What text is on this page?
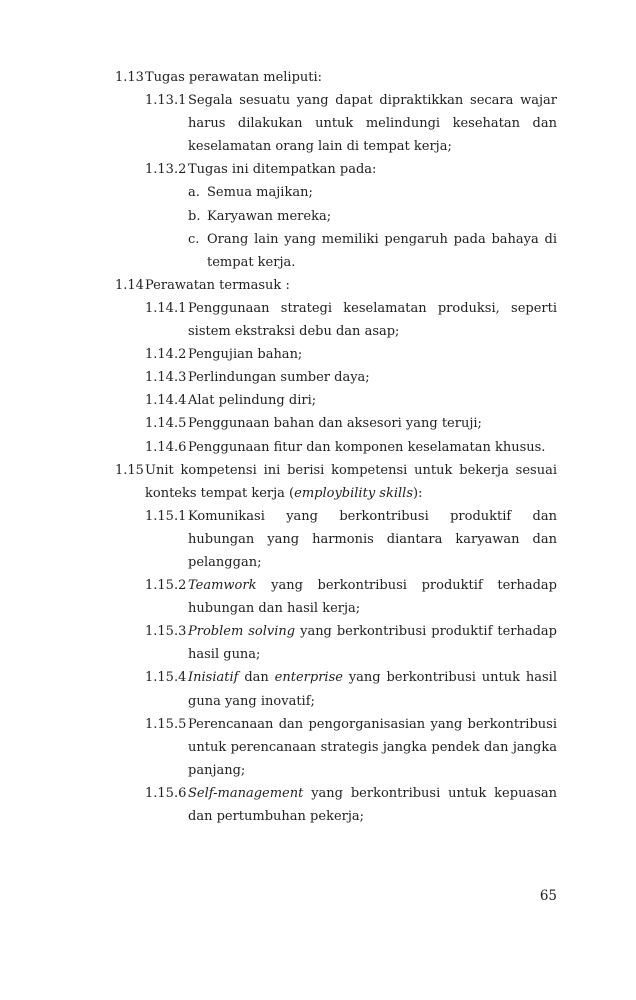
1.13 Tugas perawatan meliputi:
1.13.1 Segala sesuatu yang dapat dipraktikkan secara wajar harus dilakukan untuk melindungi kesehatan dan keselamatan orang lain di tempat kerja;
1.13.2 Tugas ini ditempatkan pada:
a. Semua majikan;
b. Karyawan mereka;
c. Orang lain yang memiliki pengaruh pada bahaya di tempat kerja.
1.14 Perawatan termasuk :
1.14.1 Penggunaan strategi keselamatan produksi, seperti sistem ekstraksi debu dan asap;
1.14.2 Pengujian bahan;
1.14.3 Perlindungan sumber daya;
1.14.4 Alat pelindung diri;
1.14.5 Penggunaan bahan dan aksesori yang teruji;
1.14.6 Penggunaan fitur dan komponen keselamatan khusus.
1.15 Unit kompetensi ini berisi kompetensi untuk bekerja sesuai konteks tempat kerja (employbility skills):
1.15.1 Komunikasi yang berkontribusi produktif dan hubungan yang harmonis diantara karyawan dan pelanggan;
1.15.2 Teamwork yang berkontribusi produktif terhadap hubungan dan hasil kerja;
1.15.3 Problem solving yang berkontribusi produktif terhadap hasil guna;
1.15.4 Inisiatif dan enterprise yang berkontribusi untuk hasil guna yang inovatif;
1.15.5 Perencanaan dan pengorganisasian yang berkontribusi untuk perencanaan strategis jangka pendek dan jangka panjang;
1.15.6 Self-management yang berkontribusi untuk kepuasan dan pertumbuhan pekerja;
65
